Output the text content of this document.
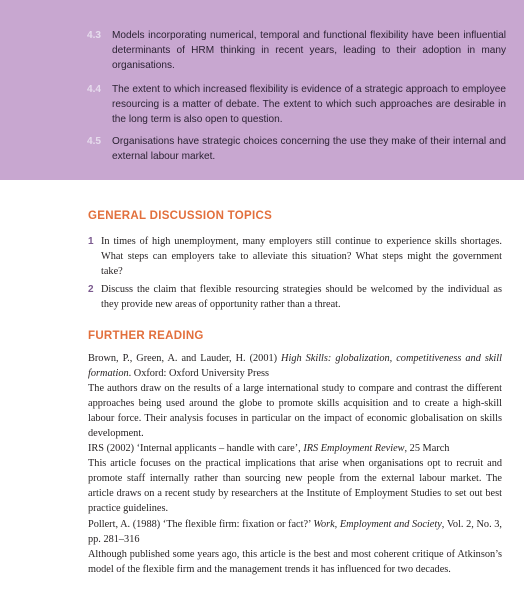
4.3	Models incorporating numerical, temporal and functional flexibility have been influential determinants of HRM thinking in recent years, leading to their adoption in many organisations.
4.4	The extent to which increased flexibility is evidence of a strategic approach to employee resourcing is a matter of debate. The extent to which such approaches are desirable in the long term is also open to question.
4.5	Organisations have strategic choices concerning the use they make of their internal and external labour market.
GENERAL DISCUSSION TOPICS
1 In times of high unemployment, many employers still continue to experience skills shortages. What steps can employers take to alleviate this situation? What steps might the government take?
2 Discuss the claim that flexible resourcing strategies should be welcomed by the individual as they provide new areas of opportunity rather than a threat.
FURTHER READING

Brown, P., Green, A. and Lauder, H. (2001) High Skills: globalization, competitiveness and skill formation. Oxford: Oxford University Press

The authors draw on the results of a large international study to compare and contrast the different approaches being used around the globe to promote skills acquisition and to create a high-skill labour force. Their analysis focuses in particular on the impact of economic globalisation on skills development.

IRS (2002) ‘Internal applicants – handle with care’, IRS Employment Review, 25 March

This article focuses on the practical implications that arise when organisations opt to recruit and promote staff internally rather than sourcing new people from the external labour market. The article draws on a recent study by researchers at the Institute of Employment Studies to set out best practice guidelines.

Pollert, A. (1988) ‘The flexible firm: fixation or fact?’ Work, Employment and Society, Vol. 2, No. 3, pp. 281–316

Although published some years ago, this article is the best and most coherent critique of Atkinson’s model of the flexible firm and the management trends it has influenced for two decades.
